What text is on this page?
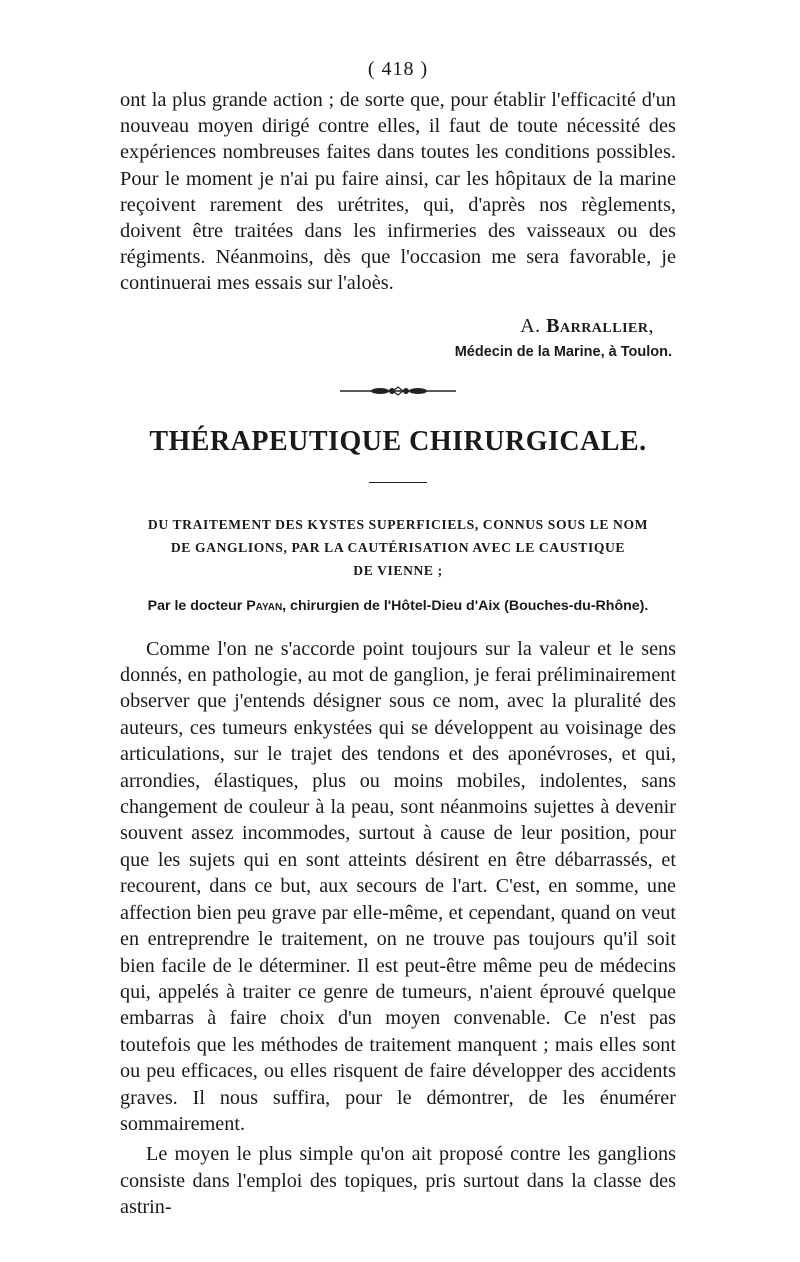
( 418 )

ont la plus grande action ; de sorte que, pour établir l'efficacité d'un nouveau moyen dirigé contre elles, il faut de toute nécessité des expériences nombreuses faites dans toutes les conditions possibles. Pour le moment je n'ai pu faire ainsi, car les hôpitaux de la marine reçoivent rarement des urétrites, qui, d'après nos règlements, doivent être traitées dans les infirmeries des vaisseaux ou des régiments. Néanmoins, dès que l'occasion me sera favorable, je continuerai mes essais sur l'aloès.

A. Barrallier,
Médecin de la Marine, à Toulon.
THÉRAPEUTIQUE CHIRURGICALE.
DU TRAITEMENT DES KYSTES SUPERFICIELS, CONNUS SOUS LE NOM
DE GANGLIONS, PAR LA CAUTÉRISATION AVEC LE CAUSTIQUE
DE VIENNE ;
Par le docteur Payan, chirurgien de l'Hôtel-Dieu d'Aix (Bouches-du-Rhône).

Comme l'on ne s'accorde point toujours sur la valeur et le sens donnés, en pathologie, au mot de ganglion, je ferai préliminairement observer que j'entends désigner sous ce nom, avec la pluralité des auteurs, ces tumeurs enkystées qui se développent au voisinage des articulations, sur le trajet des tendons et des aponévroses, et qui, arrondies, élastiques, plus ou moins mobiles, indolentes, sans changement de couleur à la peau, sont néanmoins sujettes à devenir souvent assez incommodes, surtout à cause de leur position, pour que les sujets qui en sont atteints désirent en être débarrassés, et recourent, dans ce but, aux secours de l'art. C'est, en somme, une affection bien peu grave par elle-même, et cependant, quand on veut en entreprendre le traitement, on ne trouve pas toujours qu'il soit bien facile de le déterminer. Il est peut-être même peu de médecins qui, appelés à traiter ce genre de tumeurs, n'aient éprouvé quelque embarras à faire choix d'un moyen convenable. Ce n'est pas toutefois que les méthodes de traitement manquent ; mais elles sont ou peu efficaces, ou elles risquent de faire développer des accidents graves. Il nous suffira, pour le démontrer, de les énumérer sommairement.

Le moyen le plus simple qu'on ait proposé contre les ganglions consiste dans l'emploi des topiques, pris surtout dans la classe des astrin-
